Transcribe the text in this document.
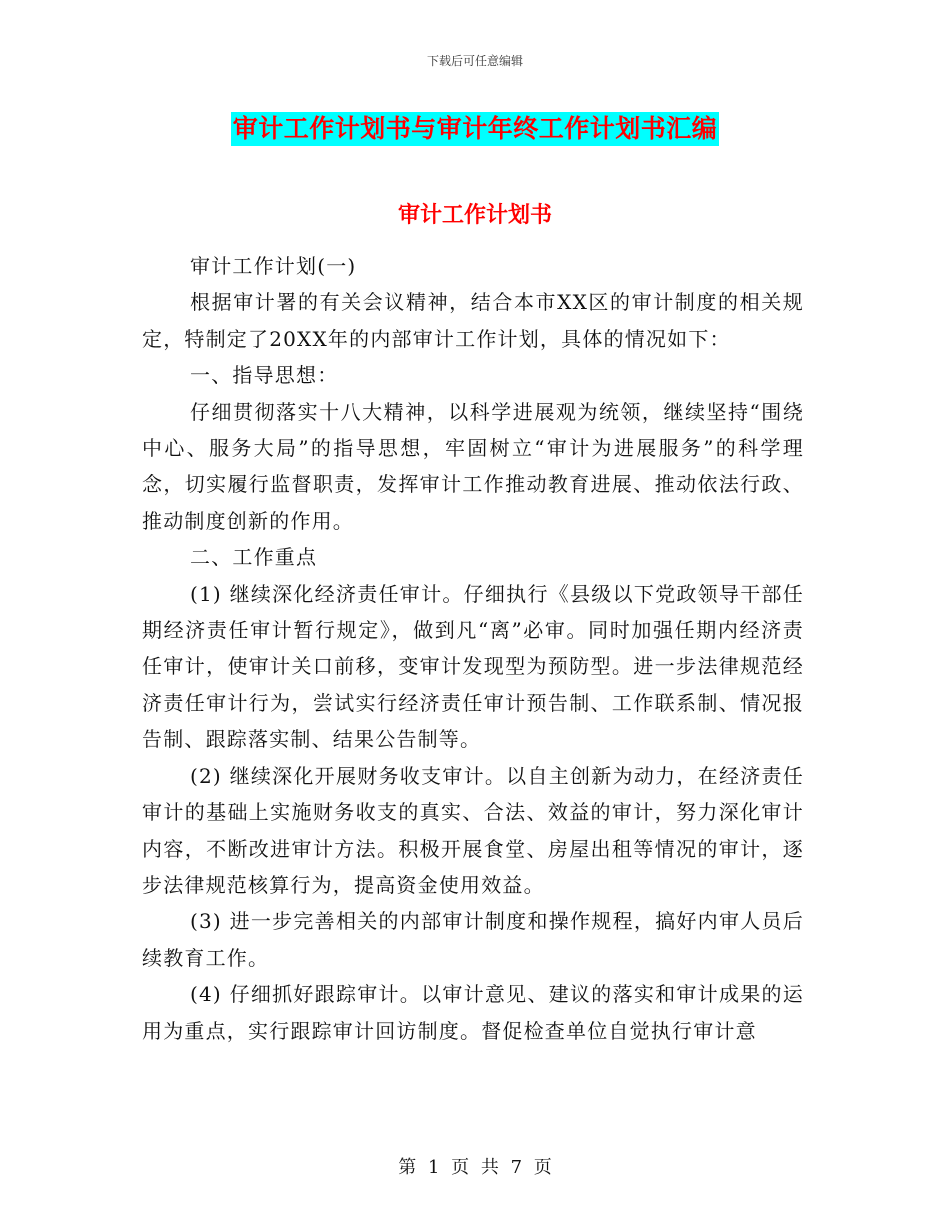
下载后可任意编辑
审计工作计划书与审计年终工作计划书汇编
审计工作计划书

审计工作计划(一)

根据审计署的有关会议精神，结合本市XX区的审计制度的相关规定，特制定了20XX年的内部审计工作计划，具体的情况如下：

一、指导思想：

仔细贯彻落实十八大精神，以科学进展观为统领，继续坚持“围绕中心、服务大局”的指导思想，牢固树立“审计为进展服务”的科学理念，切实履行监督职责，发挥审计工作推动教育进展、推动依法行政、推动制度创新的作用。

二、工作重点

(1) 继续深化经济责任审计。仔细执行《县级以下党政领导干部任期经济责任审计暂行规定》，做到凡“离”必审。同时加强任期内经济责任审计，使审计关口前移，变审计发现型为预防型。进一步法律规范经济责任审计行为，尝试实行经济责任审计预告制、工作联系制、情况报告制、跟踪落实制、结果公告制等。

(2) 继续深化开展财务收支审计。以自主创新为动力，在经济责任审计的基础上实施财务收支的真实、合法、效益的审计，努力深化审计内容，不断改进审计方法。积极开展食堂、房屋出租等情况的审计，逐步法律规范核算行为，提高资金使用效益。

(3) 进一步完善相关的内部审计制度和操作规程，搞好内审人员后续教育工作。

(4) 仔细抓好跟踪审计。以审计意见、建议的落实和审计成果的运用为重点，实行跟踪审计回访制度。督促检查单位自觉执行审计意

第 1 页 共 7 页
